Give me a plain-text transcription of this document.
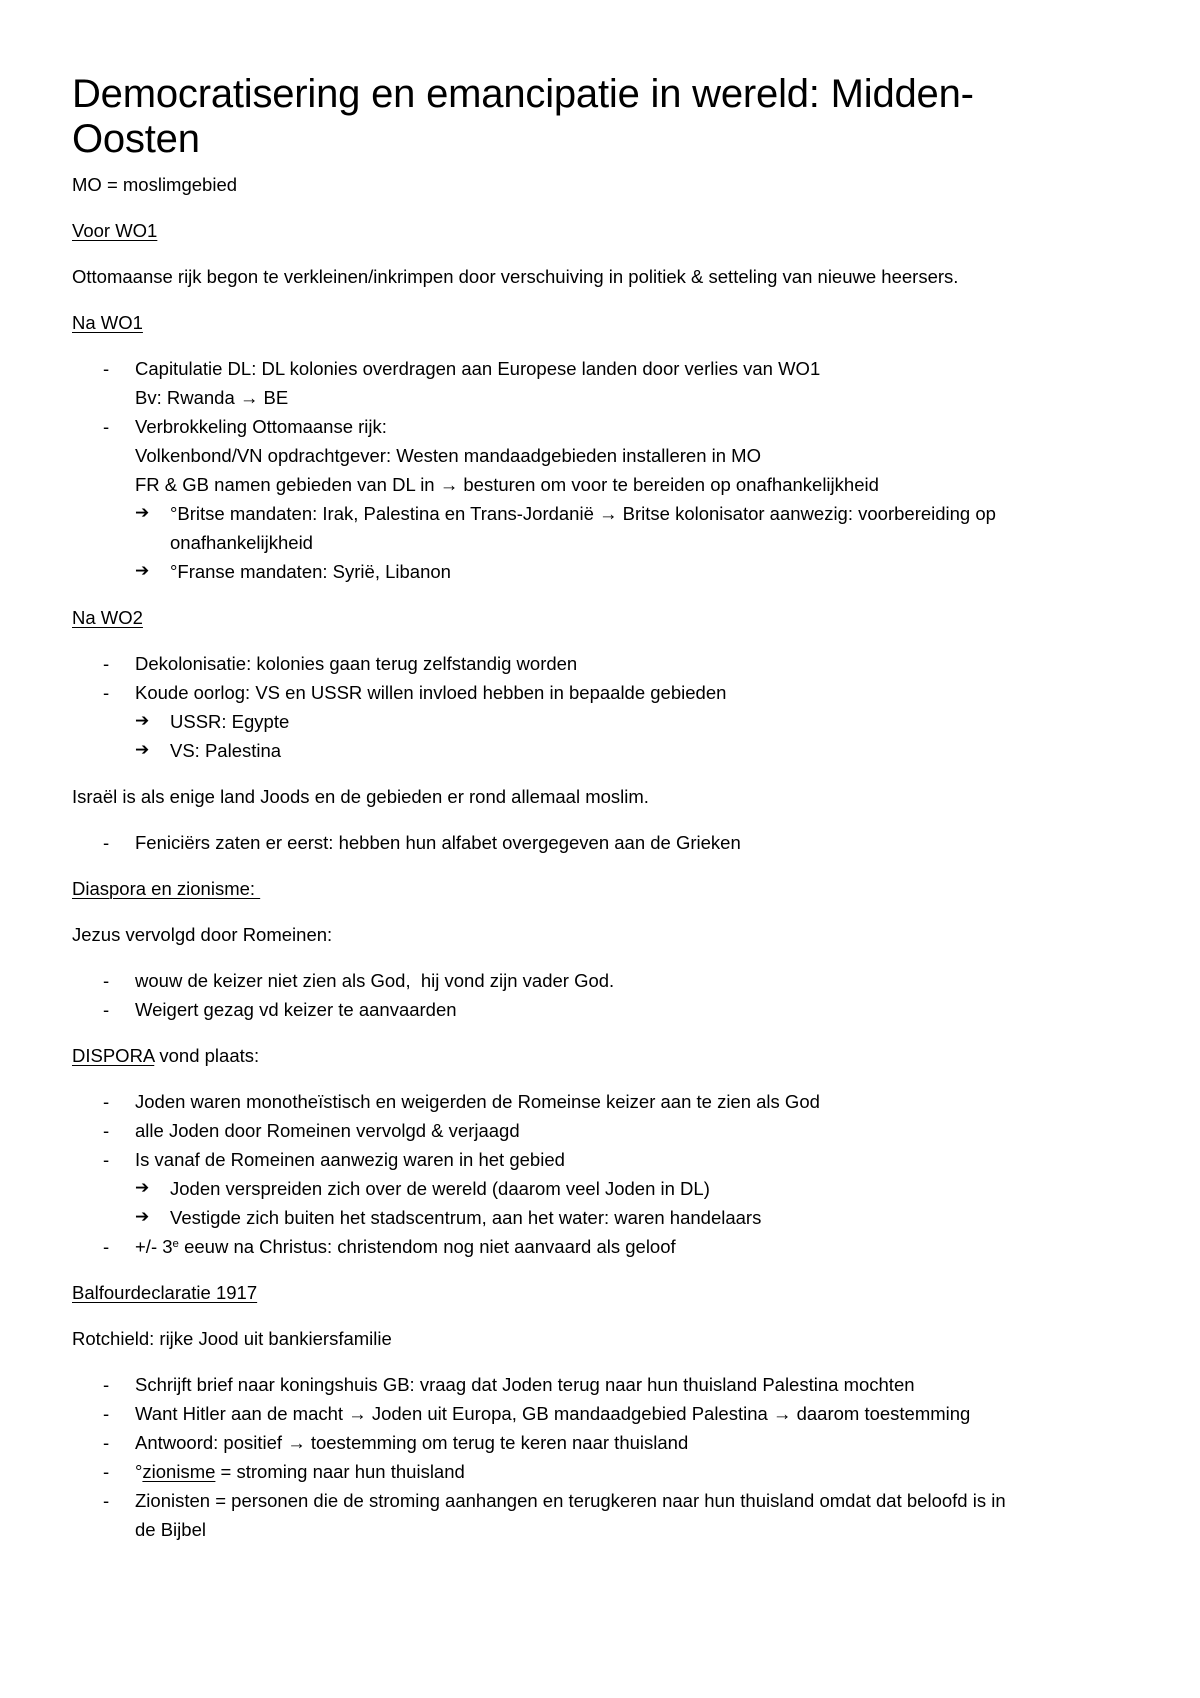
Democratisering en emancipatie in wereld: Midden-Oosten

MO = moslimgebied

Voor WO1

Ottomaanse rijk begon te verkleinen/inkrimpen door verschuiving in politiek & setteling van nieuwe heersers.

Na WO1

- Capitulatie DL: DL kolonies overdragen aan Europese landen door verlies van WO1
Bv: Rwanda → BE
- Verbrokkeling Ottomaanse rijk:
Volkenbond/VN opdrachtgever: Westen mandaadgebieden installeren in MO
FR & GB namen gebieden van DL in → besturen om voor te bereiden op onafhankelijkheid
➔ °Britse mandaten: Irak, Palestina en Trans-Jordanië → Britse kolonisator aanwezig: voorbereiding op
onafhankelijkheid
➔ °Franse mandaten: Syrië, Libanon

Na WO2

- Dekolonisatie: kolonies gaan terug zelfstandig worden
- Koude oorlog: VS en USSR willen invloed hebben in bepaalde gebieden
➔ USSR: Egypte
➔ VS: Palestina

Israël is als enige land Joods en de gebieden er rond allemaal moslim.

- Feniciërs zaten er eerst: hebben hun alfabet overgegeven aan de Grieken

Diaspora en zionisme:

Jezus vervolgd door Romeinen:

- wouw de keizer niet zien als God,  hij vond zijn vader God.
- Weigert gezag vd keizer te aanvaarden

DISPORA vond plaats:

- Joden waren monotheïstisch en weigerden de Romeinse keizer aan te zien als God
- alle Joden door Romeinen vervolgd & verjaagd
- Is vanaf de Romeinen aanwezig waren in het gebied
➔ Joden verspreiden zich over de wereld (daarom veel Joden in DL)
➔ Vestigde zich buiten het stadscentrum, aan het water: waren handelaars
- +/- 3e eeuw na Christus: christendom nog niet aanvaard als geloof

Balfourdeclaratie 1917

Rotchield: rijke Jood uit bankiersfamilie

- Schrijft brief naar koningshuis GB: vraag dat Joden terug naar hun thuisland Palestina mochten
- Want Hitler aan de macht → Joden uit Europa, GB mandaadgebied Palestina → daarom toestemming
- Antwoord: positief → toestemming om terug te keren naar thuisland
- °zionisme = stroming naar hun thuisland
- Zionisten = personen die de stroming aanhangen en terugkeren naar hun thuisland omdat dat beloofd is in
de Bijbel
